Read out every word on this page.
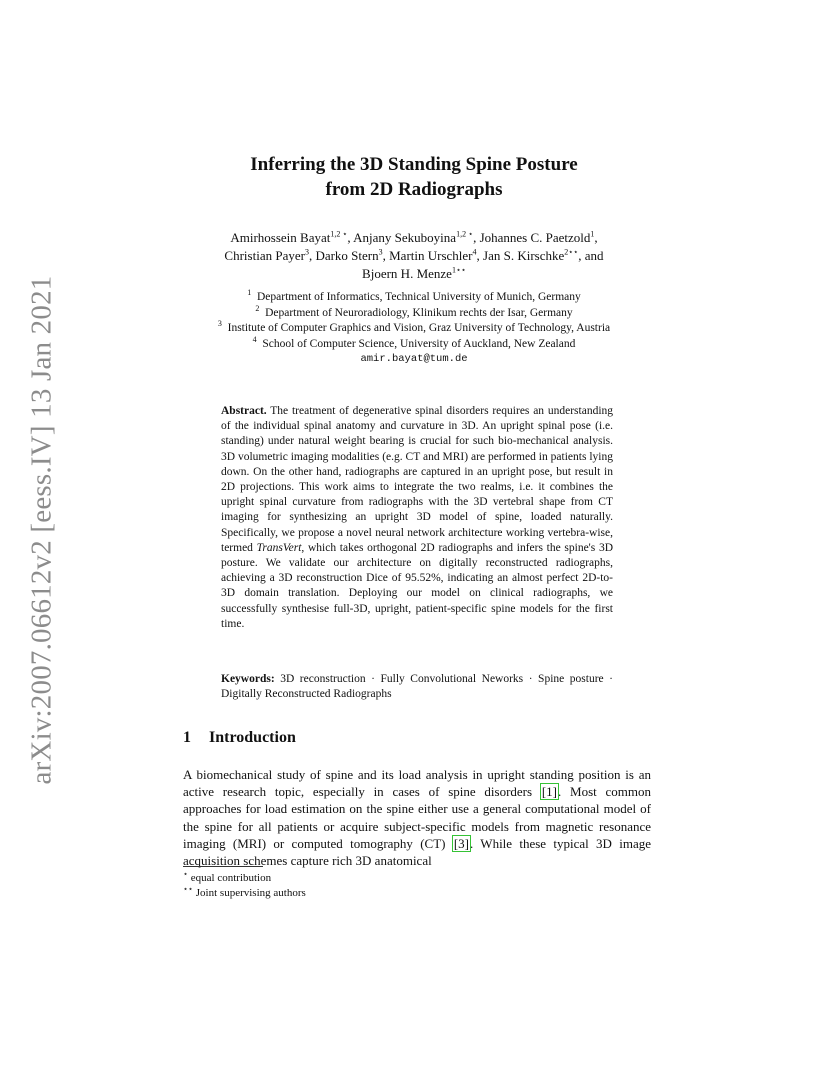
arXiv:2007.06612v2 [eess.IV] 13 Jan 2021
Inferring the 3D Standing Spine Posture
from 2D Radiographs
Amirhossein Bayat$^{1,2 ⋆}$, Anjany Sekuboyina$^{1,2 ⋆}$, Johannes C. Paetzold$^1$,
Christian Payer$^3$, Darko Stern$^3$, Martin Urschler$^4$, Jan S. Kirschke$^{2⋆⋆}$, and
Bjoern H. Menze$^{1⋆⋆}$
$^1$ Department of Informatics, Technical University of Munich, Germany
$^2$ Department of Neuroradiology, Klinikum rechts der Isar, Germany
$^3$ Institute of Computer Graphics and Vision, Graz University of Technology, Austria
$^4$ School of Computer Science, University of Auckland, New Zealand
amir.bayat@tum.de
Abstract. The treatment of degenerative spinal disorders requires an understanding of the individual spinal anatomy and curvature in 3D. An upright spinal pose (i.e. standing) under natural weight bearing is crucial for such bio-mechanical analysis. 3D volumetric imaging modalities (e.g. CT and MRI) are performed in patients lying down. On the other hand, radiographs are captured in an upright pose, but result in 2D projections. This work aims to integrate the two realms, i.e. it combines the upright spinal curvature from radiographs with the 3D vertebral shape from CT imaging for synthesizing an upright 3D model of spine, loaded naturally. Specifically, we propose a novel neural network architecture working vertebra-wise, termed TransVert, which takes orthogonal 2D radiographs and infers the spine's 3D posture. We validate our architecture on digitally reconstructed radiographs, achieving a 3D reconstruction Dice of 95.52%, indicating an almost perfect 2D-to-3D domain translation. Deploying our model on clinical radiographs, we successfully synthesise full-3D, upright, patient-specific spine models for the first time.
Keywords: 3D reconstruction · Fully Convolutional Neworks · Spine posture · Digitally Reconstructed Radiographs
1 Introduction
A biomechanical study of spine and its load analysis in upright standing position is an active research topic, especially in cases of spine disorders [1]. Most common approaches for load estimation on the spine either use a general computational model of the spine for all patients or acquire subject-specific models from magnetic resonance imaging (MRI) or computed tomography (CT) [3]. While these typical 3D image acquisition schemes capture rich 3D anatomical
⋆ equal contribution
⋆⋆ Joint supervising authors
